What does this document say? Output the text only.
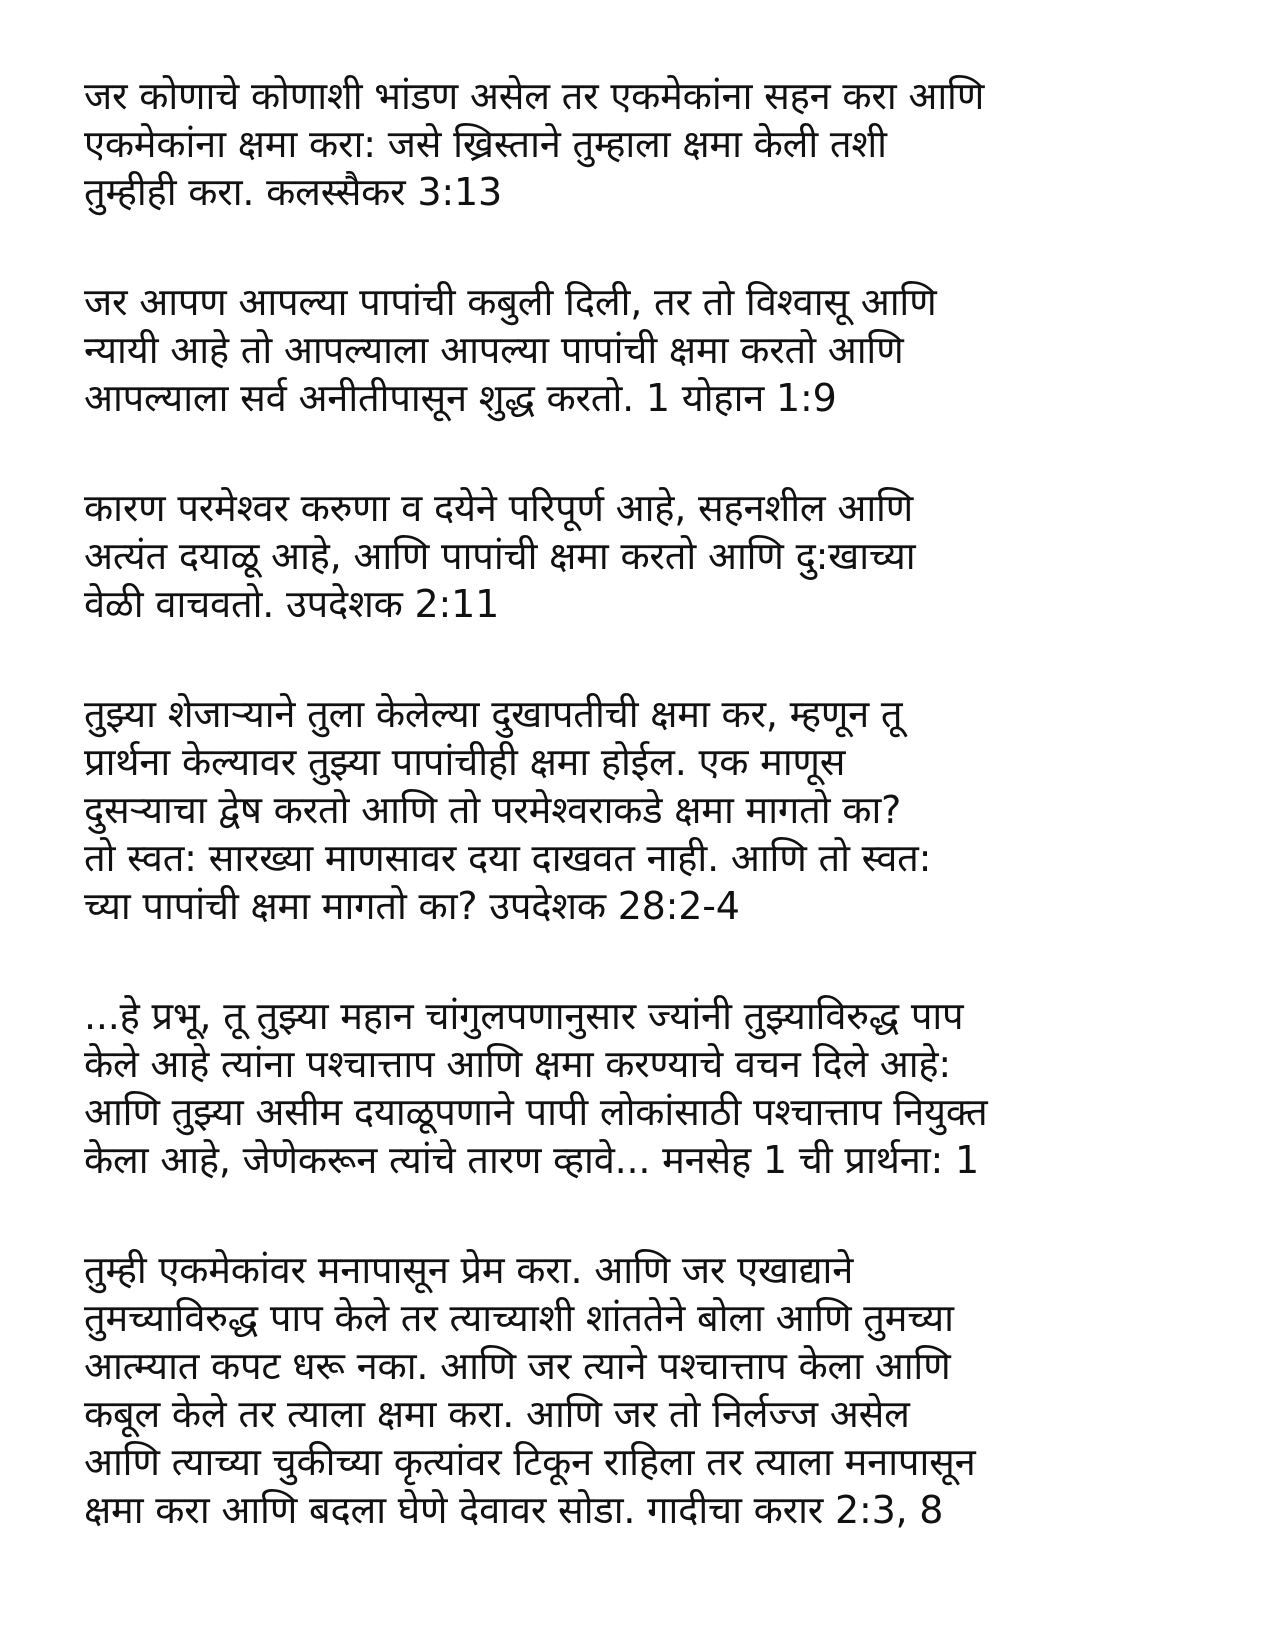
जर कोणाचे कोणाशी भांडण असेल तर एकमेकांना सहन करा आणि
एकमेकांना क्षमा करा: जसे ख्रिस्ताने तुम्हाला क्षमा केली तशी
तुम्हीही करा. कलस्सैकर 3:13

जर आपण आपल्या पापांची कबुली दिली, तर तो विश्वासू आणि
न्यायी आहे तो आपल्याला आपल्या पापांची क्षमा करतो आणि
आपल्याला सर्व अनीतीपासून शुद्ध करतो. 1 योहान 1:9

कारण परमेश्वर करुणा व दयेने परिपूर्ण आहे, सहनशील आणि
अत्यंत दयाळू आहे, आणि पापांची क्षमा करतो आणि दु:खाच्या
वेळी वाचवतो. उपदेशक 2:11

तुझ्या शेजाऱ्याने तुला केलेल्या दुखापतीची क्षमा कर, म्हणून तू
प्रार्थना केल्यावर तुझ्या पापांचीही क्षमा होईल. एक माणूस
दुसऱ्याचा द्वेष करतो आणि तो परमेश्वराकडे क्षमा मागतो का?
तो स्वत: सारख्या माणसावर दया दाखवत नाही. आणि तो स्वत:
च्या पापांची क्षमा मागतो का? उपदेशक 28:2-4

...हे प्रभू, तू तुझ्या महान चांगुलपणानुसार ज्यांनी तुझ्याविरुद्ध पाप
केले आहे त्यांना पश्चात्ताप आणि क्षमा करण्याचे वचन दिले आहे:
आणि तुझ्या असीम दयाळूपणाने पापी लोकांसाठी पश्चात्ताप नियुक्त
केला आहे, जेणेकरून त्यांचे तारण व्हावे... मनसेह 1 ची प्रार्थना: 1

तुम्ही एकमेकांवर मनापासून प्रेम करा. आणि जर एखाद्याने
तुमच्याविरुद्ध पाप केले तर त्याच्याशी शांततेने बोला आणि तुमच्या
आत्म्यात कपट धरू नका. आणि जर त्याने पश्चात्ताप केला आणि
कबूल केले तर त्याला क्षमा करा. आणि जर तो निर्लज्ज असेल
आणि त्याच्या चुकीच्या कृत्यांवर टिकून राहिला तर त्याला मनापासून
क्षमा करा आणि बदला घेणे देवावर सोडा. गादीचा करार 2:3, 8
